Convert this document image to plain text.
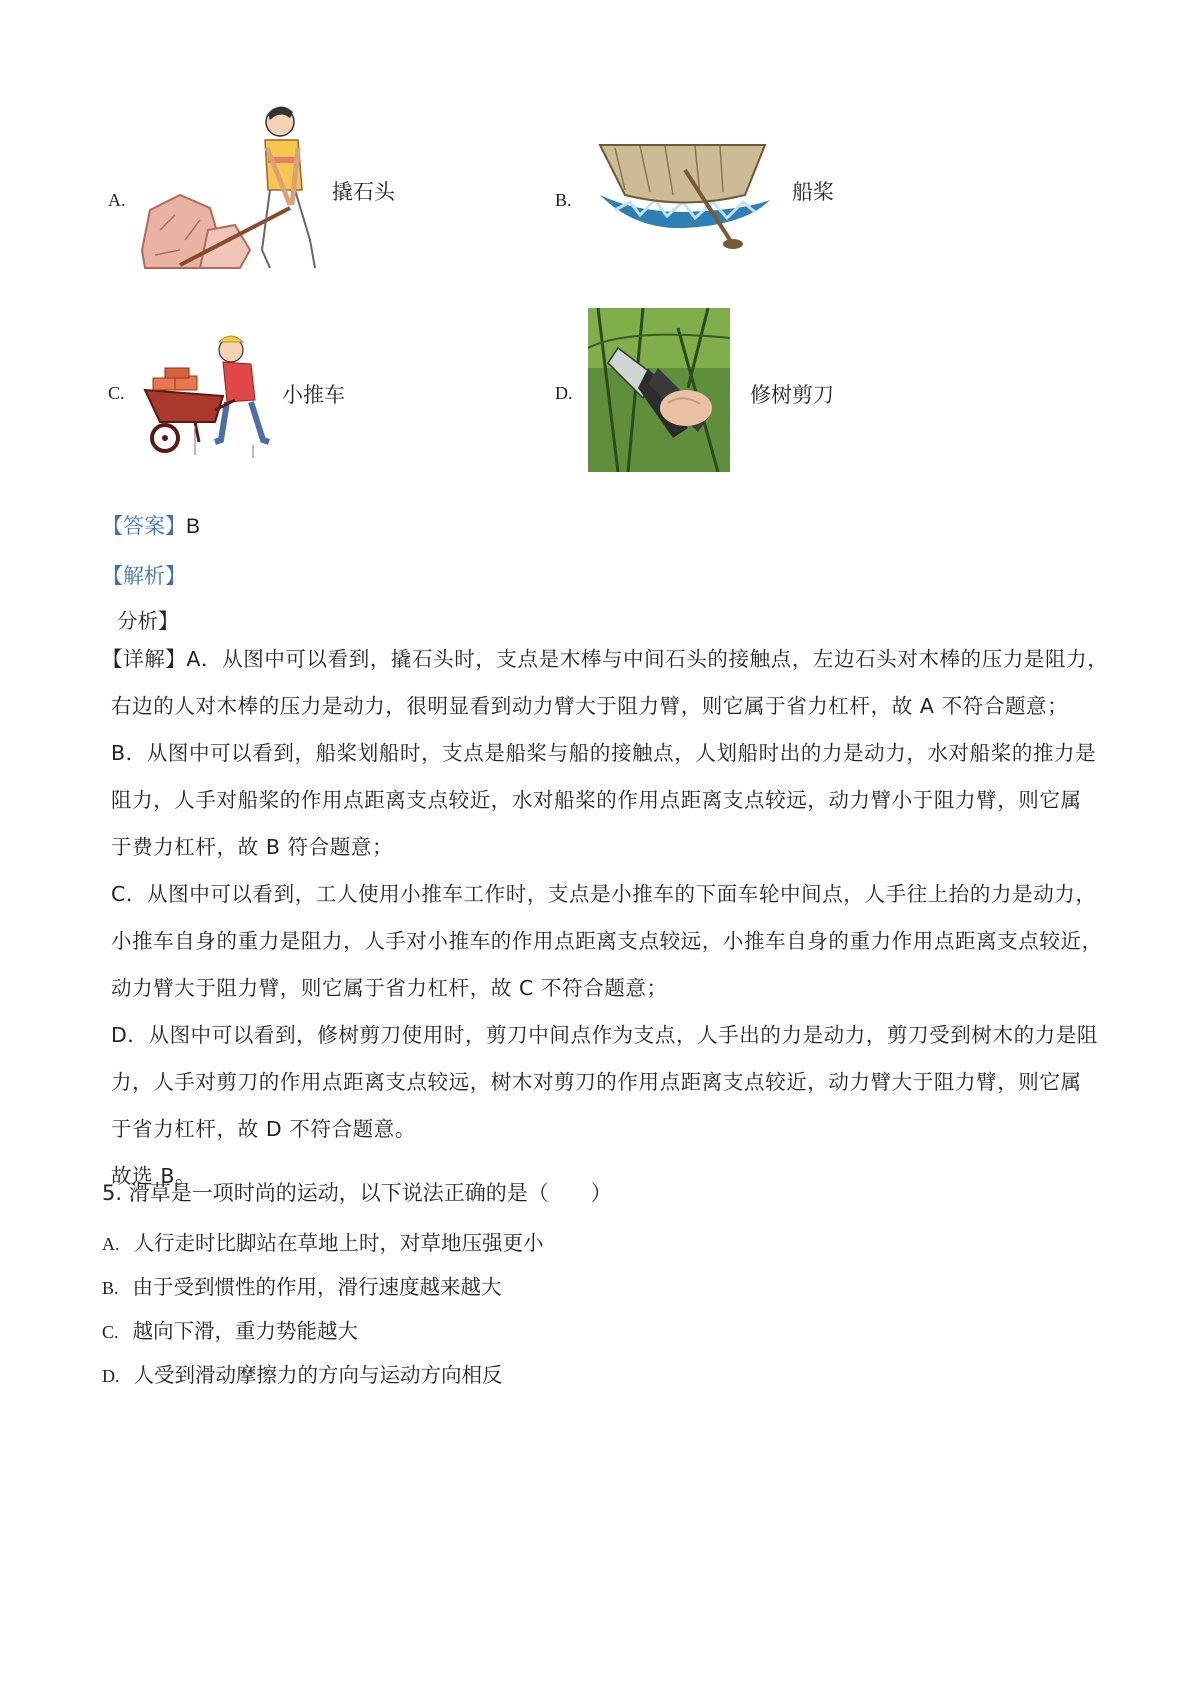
A.	撬石头	B.	船桨
C.	小推车	D.	修树剪刀
【答案】B
【解析】
分析】
【详解】A．从图中可以看到，撬石头时，支点是木棒与中间石头的接触点，左边石头对木棒的压力是阻力，
右边的人对木棒的压力是动力，很明显看到动力臂大于阻力臂，则它属于省力杠杆，故 A 不符合题意；
B．从图中可以看到，船桨划船时，支点是船桨与船的接触点，人划船时出的力是动力，水对船桨的推力是
阻力，人手对船桨的作用点距离支点较近，水对船桨的作用点距离支点较远，动力臂小于阻力臂，则它属
于费力杠杆，故 B 符合题意；
C．从图中可以看到，工人使用小推车工作时，支点是小推车的下面车轮中间点，人手往上抬的力是动力，
小推车自身的重力是阻力，人手对小推车的作用点距离支点较远，小推车自身的重力作用点距离支点较近，
动力臂大于阻力臂，则它属于省力杠杆，故 C 不符合题意；
D．从图中可以看到，修树剪刀使用时，剪刀中间点作为支点，人手出的力是动力，剪刀受到树木的力是阻
力，人手对剪刀的作用点距离支点较远，树木对剪刀的作用点距离支点较近，动力臂大于阻力臂，则它属
于省力杠杆，故 D 不符合题意。
故选 B。
5. 滑草是一项时尚的运动，以下说法正确的是（　　）
A. 人行走时比脚站在草地上时，对草地压强更小
B. 由于受到惯性的作用，滑行速度越来越大
C. 越向下滑，重力势能越大
D. 人受到滑动摩擦力的方向与运动方向相反
